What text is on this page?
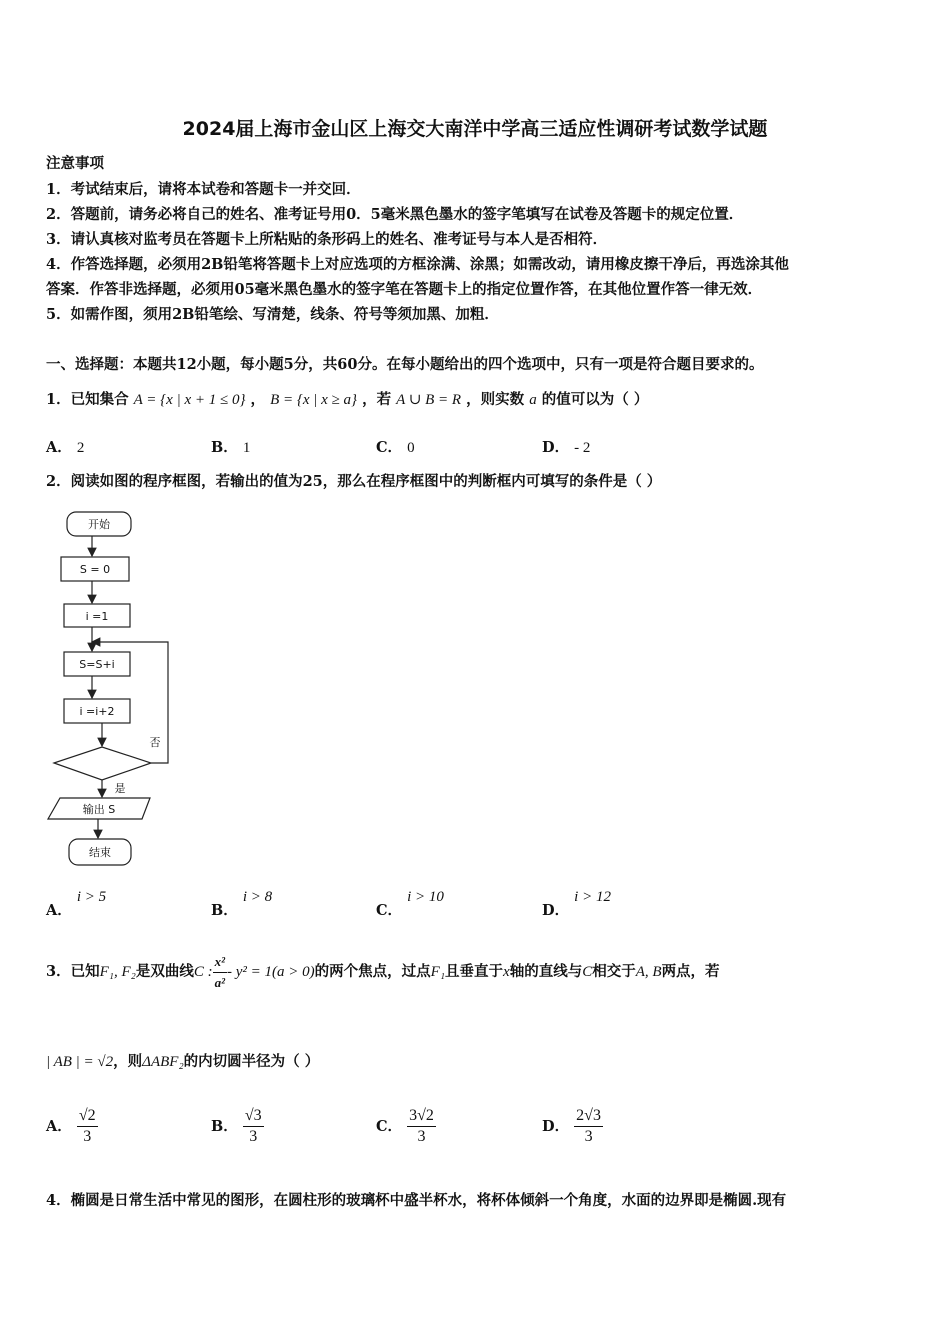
2024届上海市金山区上海交大南洋中学高三适应性调研考试数学试题
注意事项
1．考试结束后，请将本试卷和答题卡一并交回．
2．答题前，请务必将自己的姓名、准考证号用0．5毫米黑色墨水的签字笔填写在试卷及答题卡的规定位置．
3．请认真核对监考员在答题卡上所粘贴的条形码上的姓名、准考证号与本人是否相符．
4．作答选择题，必须用2B铅笔将答题卡上对应选项的方框涂满、涂黑；如需改动，请用橡皮擦干净后，再选涂其他
答案．作答非选择题，必须用05毫米黑色墨水的签字笔在答题卡上的指定位置作答，在其他位置作答一律无效．
5．如需作图，须用2B铅笔绘、写清楚，线条、符号等须加黑、加粗．
一、选择题：本题共12小题，每小题5分，共60分。在每小题给出的四个选项中，只有一项是符合题目要求的。
1．已知集合 A = {x | x + 1 ≤ 0} ， B = {x | x ≥ a} ，若 A ∪ B = R ，则实数 a 的值可以为（ ）
A． 2	B． 1	C． 0	D． - 2
2．阅读如图的程序框图，若输出的值为25，那么在程序框图中的判断框内可填写的条件是（ ）
开始
S = 0
i =1
S=S+i
i =i+2
否
是
输出 S
结束
A． i > 5
B． i > 8
C． i > 10
D． i > 12
3．已知F₁, F₂是双曲线C : $\frac{\text{x²}}{\text{a²}} - y^2 = 1(a > 0)$的两个焦点，过点F₁且垂直于x轴的直线与C相交于A, B两点，若
| AB | = √2，则ΔABF₂的内切圆半径为（ ）
A． $\frac{√2}{3}$	B． $\frac{√3}{3}$	C． $\frac{3√2}{3}$	D． $\frac{2√3}{3}$
4．椭圆是日常生活中常见的图形，在圆柱形的玻璃杯中盛半杯水，将杯体倾斜一个角度，水面的边界即是椭圆.现有
